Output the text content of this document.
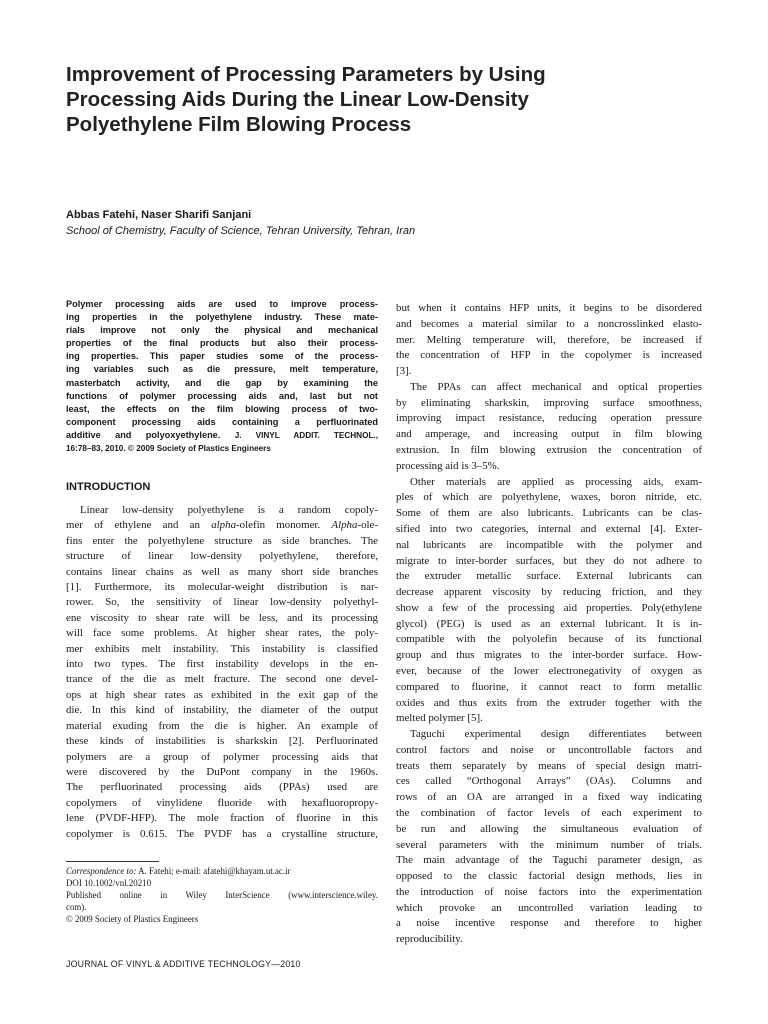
Improvement of Processing Parameters by Using
Processing Aids During the Linear Low-Density
Polyethylene Film Blowing Process
Abbas Fatehi, Naser Sharifi Sanjani
School of Chemistry, Faculty of Science, Tehran University, Tehran, Iran
Polymer processing aids are used to improve process-
ing properties in the polyethylene industry. These mate-
rials improve not only the physical and mechanical
properties of the final products but also their process-
ing properties. This paper studies some of the process-
ing variables such as die pressure, melt temperature,
masterbatch activity, and die gap by examining the
functions of polymer processing aids and, last but not
least, the effects on the film blowing process of two-
component processing aids containing a perfluorinated
additive and polyoxyethylene. J. VINYL ADDIT. TECHNOL.,
16:78–83, 2010. © 2009 Society of Plastics Engineers
INTRODUCTION
Linear low-density polyethylene is a random copoly-
mer of ethylene and an alpha-olefin monomer. Alpha-ole-
fins enter the polyethylene structure as side branches. The
structure of linear low-density polyethylene, therefore,
contains linear chains as well as many short side branches
[1]. Furthermore, its molecular-weight distribution is nar-
rower. So, the sensitivity of linear low-density polyethyl-
ene viscosity to shear rate will be less, and its processing
will face some problems. At higher shear rates, the poly-
mer exhibits melt instability. This instability is classified
into two types. The first instability develops in the en-
trance of the die as melt fracture. The second one devel-
ops at high shear rates as exhibited in the exit gap of the
die. In this kind of instability, the diameter of the output
material exuding from the die is higher. An example of
these kinds of instabilities is sharkskin [2]. Perfluorinated
polymers are a group of polymer processing aids that
were discovered by the DuPont company in the 1960s.
The perfluorinated processing aids (PPAs) used are
copolymers of vinylidene fluoride with hexafluoropropy-
lene (PVDF-HFP). The mole fraction of fluorine in this
copolymer is 0.615. The PVDF has a crystalline structure,
Correspondence to: A. Fatehi; e-mail: afatehi@khayam.ut.ac.ir
DOI 10.1002/vnl.20210
Published online in Wiley InterScience (www.interscience.wiley.
com).
© 2009 Society of Plastics Engineers
but when it contains HFP units, it begins to be disordered
and becomes a material similar to a noncrosslinked elasto-
mer. Melting temperature will, therefore, be increased if
the concentration of HFP in the copolymer is increased
[3].
The PPAs can affect mechanical and optical properties
by eliminating sharkskin, improving surface smoothness,
improving impact resistance, reducing operation pressure
and amperage, and increasing output in film blowing
extrusion. In film blowing extrusion the concentration of
processing aid is 3–5%.
Other materials are applied as processing aids, exam-
ples of which are polyethylene, waxes, boron nitride, etc.
Some of them are also lubricants. Lubricants can be clas-
sified into two categories, internal and external [4]. Exter-
nal lubricants are incompatible with the polymer and
migrate to inter-border surfaces, but they do not adhere to
the extruder metallic surface. External lubricants can
decrease apparent viscosity by reducing friction, and they
show a few of the processing aid properties. Poly(ethylene
glycol) (PEG) is used as an external lubricant. It is in-
compatible with the polyolefin because of its functional
group and thus migrates to the inter-border surface. How-
ever, because of the lower electronegativity of oxygen as
compared to fluorine, it cannot react to form metallic
oxides and thus exits from the extruder together with the
melted polymer [5].
Taguchi experimental design differentiates between
control factors and noise or uncontrollable factors and
treats them separately by means of special design matri-
ces called “Orthogonal Arrays” (OAs). Columns and
rows of an OA are arranged in a fixed way indicating
the combination of factor levels of each experiment to
be run and allowing the simultaneous evaluation of
several parameters with the minimum number of trials.
The main advantage of the Taguchi parameter design, as
opposed to the classic factorial design methods, lies in
the introduction of noise factors into the experimentation
which provoke an uncontrolled variation leading to
a noise incentive response and therefore to higher
reproducibility.
JOURNAL OF VINYL & ADDITIVE TECHNOLOGY—2010
